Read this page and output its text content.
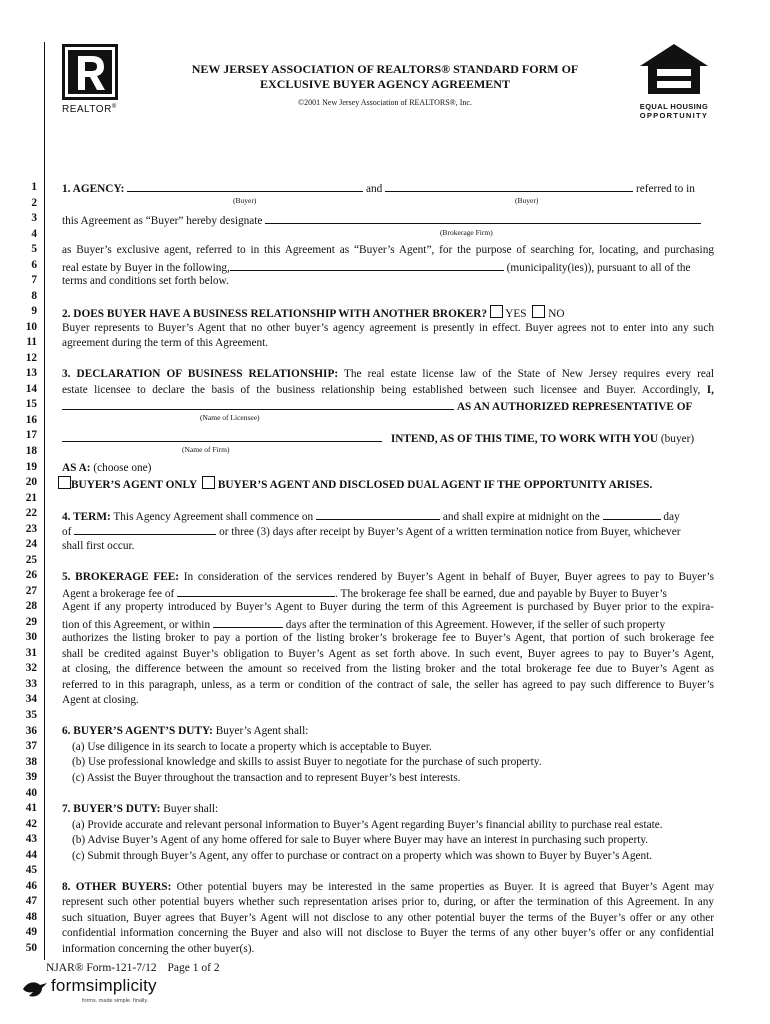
REALTOR®
NEW JERSEY ASSOCIATION OF REALTORS® STANDARD FORM OF
EXCLUSIVE BUYER AGENCY AGREEMENT
©2001 New Jersey Association of REALTORS®, Inc.	EQUAL HOUSING
OPPORTUNITY
1
2
3
4
5
6
7
8
9
10
11
12
13
14
15
16
17
18
19
20
21
22
23
24
25
26
27
28
29
30
31
32
33
34
35
36
37
38
39
40
41
42
43
44
45
46
47
48
49
50
1. AGENCY:	and	referred to in
(Buyer)	(Buyer)
this Agreement as “Buyer” hereby designate
(Brokerage Firm)
as Buyer’s exclusive agent, referred to in this Agreement as “Buyer’s Agent”, for the purpose of searching for, locating, and purchasing
real estate by Buyer in the following,	(municipality(ies)), pursuant to all of the
terms and conditions set forth below.
2. DOES BUYER HAVE A BUSINESS RELATIONSHIP WITH ANOTHER BROKER? YES NO
Buyer represents to Buyer’s Agent that no other buyer’s agency agreement is presently in effect. Buyer agrees not to enter into any such
agreement during the term of this Agreement.
3. DECLARATION OF BUSINESS RELATIONSHIP: The real estate license law of the State of New Jersey requires every real
estate licensee to declare the basis of the business relationship being established between such licensee and Buyer. Accordingly, I,
AS AN AUTHORIZED REPRESENTATIVE OF
(Name of Licensee)
INTEND, AS OF THIS TIME, TO WORK WITH YOU (buyer)
(Name of Firm)
AS A: (choose one)
BUYER’S AGENT ONLY BUYER’S AGENT AND DISCLOSED DUAL AGENT IF THE OPPORTUNITY ARISES.
4. TERM: This Agency Agreement shall commence on	and shall expire at midnight on the	day
of	or three (3) days after receipt by Buyer’s Agent of a written termination notice from Buyer, whichever
shall first occur.
5. BROKERAGE FEE: In consideration of the services rendered by Buyer’s Agent in behalf of Buyer, Buyer agrees to pay to Buyer’s
Agent a brokerage fee of	. The brokerage fee shall be earned, due and payable by Buyer to Buyer’s
Agent if any property introduced by Buyer’s Agent to Buyer during the term of this Agreement is purchased by Buyer prior to the expira-
tion of this Agreement, or within	days after the termination of this Agreement. However, if the seller of such property
authorizes the listing broker to pay a portion of the listing broker’s brokerage fee to Buyer’s Agent, that portion of such brokerage fee
shall be credited against Buyer’s obligation to Buyer’s Agent as set forth above. In such event, Buyer agrees to pay to Buyer’s Agent,
at closing, the difference between the amount so received from the listing broker and the total brokerage fee due to Buyer’s Agent as
referred to in this paragraph, unless, as a term or condition of the contract of sale, the seller has agreed to pay such difference to Buyer’s
Agent at closing.
6. BUYER’S AGENT’S DUTY: Buyer’s Agent shall:
(a) Use diligence in its search to locate a property which is acceptable to Buyer.
(b) Use professional knowledge and skills to assist Buyer to negotiate for the purchase of such property.
(c) Assist the Buyer throughout the transaction and to represent Buyer’s best interests.
7. BUYER’S DUTY: Buyer shall:
(a) Provide accurate and relevant personal information to Buyer’s Agent regarding Buyer’s financial ability to purchase real estate.
(b) Advise Buyer’s Agent of any home offered for sale to Buyer where Buyer may have an interest in purchasing such property.
(c) Submit through Buyer’s Agent, any offer to purchase or contract on a property which was shown to Buyer by Buyer’s Agent.
8. OTHER BUYERS: Other potential buyers may be interested in the same properties as Buyer. It is agreed that Buyer’s Agent may
represent such other potential buyers whether such representation arises prior to, during, or after the termination of this Agreement. In any
such situation, Buyer agrees that Buyer’s Agent will not disclose to any other potential buyer the terms of the Buyer’s offer or any other
confidential information concerning the Buyer and also will not disclose to Buyer the terms of any other buyer’s offer or any confidential
information concerning the other buyer(s).
NJAR® Form-121-7/12 Page 1 of 2
formsimplicity
forms. made simple. finally.
